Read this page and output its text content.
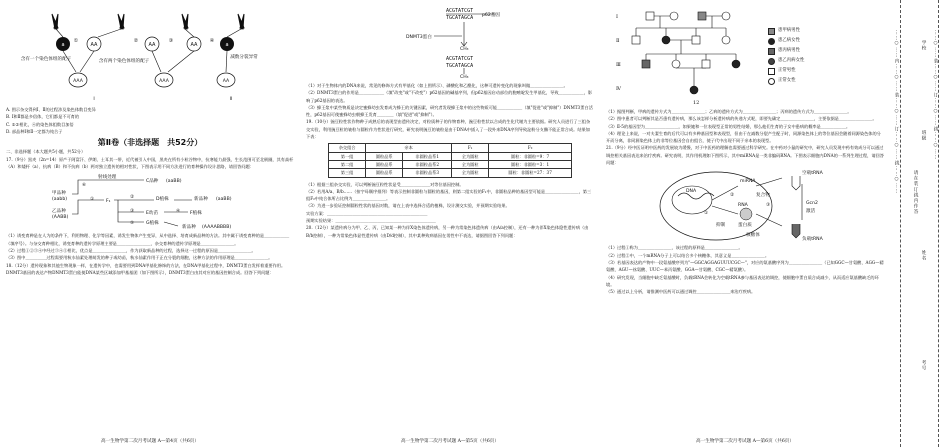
a	a
AA	AA	AA
①	②	③	④
AAA	AAA	AA
含有一个染色体组的配子	含有两个染色体组的配子
减数分裂异常
Ⅰ	Ⅱ

A. 图示杂交得到Ⅰ、Ⅱ的过程涉及染色体数目变异

B. Ⅰ和Ⅱ都是多倍体，它们都是不可育的

C. ①②相比，④的染色体组数目加倍

D. 部品种Ⅰ和Ⅱ一定都为纯合子

第Ⅱ卷（非选择题　共52分）

二、非选择题（本大题共5小题，共52分）

17.（9分）黑麦（2n=14）原产于阿富汗、伊朗、土耳其一带，近代被引入中国，黑麦在所有小粒谷物中，抗寒能力最强，生长范围可至北极圈，其有高杆（A）和矮杆（a）、抗病（B）和不抗病（b）两对独立遗传的相对性状，下图表示用不同方法进行的育种操作设计思路，请回答问题：

甲品种
(aabb)
乙品种
(AABB)
射线处理
C品种 (aaBB)
F₁	D植株	新品种 (aaBB)
E幼苗	F植株
G植株
新品种 (AAAABBBB)
⑥
①	②
③	④
⑤

（1）诱变育种是在人为的条件下，利用物理、化学等因素，诱发生物体产生变异，从中选择、培育成新品种的方法。其中属于诱变育种的是＿＿＿＿＿＿（填序号）。与杂交育种相比，诱变育种的遗传学原理主要是＿＿＿＿＿＿＿＿，杂交育种的遗传学原理是＿＿＿＿＿＿＿＿。

（2）过程①②③④中经过③④⑤相比，优点是＿＿＿＿＿＿＿＿，作为获取新品种的过程，选择这一过程的原因是＿＿＿＿＿＿＿＿。

（3）图中＿＿＿＿＿过程需要用秋水仙素处理萌发的种子或幼苗，秋水仙素作用于正在分裂的细胞，这种方法的作用原理是＿＿＿＿＿＿＿＿。

18.（12分）遗传现象和其他生物现象一样，在遗传学中，也需要用到DNA甲基化修饰的方法，在DNA甲基化过程中，DNMT3蛋白发挥着重要作用。DNMT3基因的表达产物DNMT3蛋白能使DNA某些区域添加甲基基团（如下图所示），DNMT3蛋白由其对应的基因控制合成。回答下列问题：

高一生物学第二次月考试题 A—第4页（共6页）
ACGTATCGT
TGCATAGCA
ACGTATCGT
TGCATAGCA
p62基因
DNMT3蛋白
CH₃
CH₃

（1）对于生物体内的DNA来说，常见的修饰方式有甲基化（如上图所示）、磷酸化和乙酰化，这种可遗传变化的现象叫做＿＿＿＿＿＿＿＿。

（2）DNMT3蛋白的作用是＿＿＿＿＿＿（填"改变"或"不改变"）p62基因的碱基序列，但p62基因启动部位的胞嘧啶发生甲基化，导致＿＿＿＿＿＿，影响了p62基因的表达。

（3）蜂王浆中某些物质是决定蜜蜂幼虫发育成为蜂王的关键因素，研究者发现蜂王浆中的这些物质可能＿＿＿＿＿＿（填"促进"或"抑制"）DNMT3蛋白活性，p62基因可使蜜蜂幼虫朝蜂王发育＿＿＿＿（填"促进"或"抑制"）。

19.（10分）豌豆粒性状作物种子成熟后的表现型由遗传决定，对粒质种子的作物育种，豌豆粒性状以合成的生化代谢为主要依据。研究人员进行了三组杂交实验，利用豌豆粒的皱粒与圆粒作为性状进行研究，研究表明豌豆的皱粒是由于DNA中插入了一段外来DNA序列导致淀粉分支酶不能正常合成。结果如下表：

杂交组合	亲本		F₁	F₂
第一组	圆粒品系	非圆粒品系1	全为圆粒	圆粒：非圆粒=9：7
第二组	圆粒品系	非圆粒品系2	全为圆粒	圆粒：非圆粒=3：1
第三组	圆粒品系	非圆粒品系3	全为圆粒	圆粒：非圆粒=27：37

（1）根据三组杂交实验，可以判断豌豆粒性状是受＿＿＿＿＿＿＿对等位基因控制。

（2）若用A/a、B/b……（按字母顺序排列）等表示控制非圆粒与圆粒的基因，则第二组实验的F₁中，非圆粒品种的基因型可能是＿＿＿＿＿＿＿＿，第三组F₂中纯合体所占比例为＿＿＿＿＿＿＿＿。

（3）为进一步验证控制圆粒性状的基因对数，请在上表中选择合适的植株，设计测交实验，并预期实验结果。

实验方案：＿＿＿＿＿＿＿＿＿＿＿＿＿＿＿＿＿＿＿＿＿＿＿＿

预期实验结果：＿＿＿＿＿＿＿＿＿＿＿＿＿＿＿＿＿＿＿＿＿＿＿＿

20.（12分）某遗传病分为甲、乙、丙，已知某一种为伴X染色体遗传病，另一种为常染色体遗传病（由A/a控制），还有一种为伴X染色体隐性遗传病（由B/b控制），一种为常染色体显性遗传病（由D/d控制），其中某种致病基因在男性中不表达，请据图回答下列问题：

高一生物学第二次月考试题 A—第5页（共6页）
Ⅰ
Ⅱ
Ⅲ
Ⅳ
12
患甲病男性
患乙病女性
患丙病男性
患乙丙病女性
正常男性
正常女性

（1）据图判断，甲病的遗传方式为＿＿＿＿＿＿＿＿；乙病的遗传方式为＿＿＿＿＿＿＿＿；丙病的遗传方式为＿＿＿＿＿＿＿＿。

（2）图中患者可以判断其是否患有遗传病，那么该怎样分析遗传病的传递方式呢，即要先确定＿＿＿＿＿＿＿＿，主要依据是＿＿＿＿＿＿＿＿。

（3）Ⅱ-5的基因型为＿＿＿＿＿＿＿＿，如果她和一位表现型正常的男性结婚，那么他们生育的子女中患病的概率是＿＿＿＿＿＿。

（4）理论上来说，一对夫妻生育的后代可以有多种基因型和表现型，但由于在减数分裂产生配子时，同源染色体上的等位基因会随着同源染色体的分开而分离，非同源染色体上的非等位基因会自由组合，使子代中出现不同于亲本的表现型。

21.（9分）经中医证明中医药的发展较为缓慢，对于中医药的理解也需要通过科学研究。在中药对小鼠的研究中，研究人员发现中药有效成分可以通过调控相关基因表达来治疗疾病。研究表明，其作用机理如下图所示，其中miRNA是一类非编码RNA。下图表示细胞内DNA的一系列生理过程，请回答问题：

DNA
①
②
③
抑制	蛋白质
miRNA
复合物
RNA
空载tRNA
负载tRNA
核糖体
Gcn2
激活

（1）过程①称为＿＿＿＿＿＿＿＿，该过程的原料是＿＿＿＿＿＿＿＿。

（2）过程②中，一个mRNA分子上可以结合多个核糖体，其意义是＿＿＿＿＿＿＿＿。

（3）若基因表达的产物中一段氨基酸序列为"—GGCAGGAGUUUCGC—"，对应的氨基酸序列为＿＿＿＿＿＿＿＿（已知GGC—甘氨酸、AGG—精氨酸、AGU—丝氨酸、UUC—苯丙氨酸、GGA—甘氨酸、CGC—精氨酸）。

（4）研究发现，当细胞中缺乏氨基酸时，负载tRNA会转化为空载tRNA参与基因表达的调控，使细胞中蛋白质合成减少，从而适应氨基酸缺乏的环境。

（5）通过以上分析，请推测中医药可以通过调控＿＿＿＿＿＿＿＿来治疗疾病。

高一生物学第二次月考试题 A—第6页（共6页）
……○……内……○……装……○……订……○……线……○……	……○……装……○……订……○……线……○……
请在装订线内作答
学校
班级
姓名
考号
